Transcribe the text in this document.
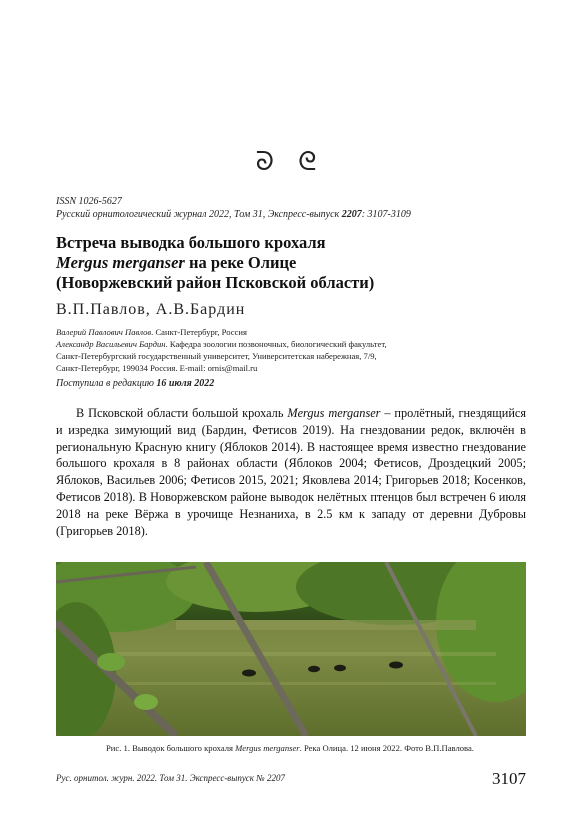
ᘐ ᘓ
ISSN 1026-5627
Русский орнитологический журнал 2022, Том 31, Экспресс-выпуск 2207: 3107-3109
Встреча выводка большого крохаля
Mergus merganser на реке Олице
(Новоржевский район Псковской области)
В.П.Павлов, А.В.Бардин
Валерий Павлович Павлов. Санкт-Петербург, Россия
Александр Васильевич Бардин. Кафедра зоологии позвоночных, биологический факультет,
Санкт-Петербургский государственный университет, Университетская набережная, 7/9,
Санкт-Петербург, 199034 Россия. E-mail: ornis@mail.ru
Поступила в редакцию 16 июля 2022

В Псковской области большой крохаль Mergus merganser – пролётный, гнездящийся и изредка зимующий вид (Бардин, Фетисов 2019). На гнездовании редок, включён в региональную Красную книгу (Яблоков 2014). В настоящее время известно гнездование большого крохаля в 8 районах области (Яблоков 2004; Фетисов, Дроздецкий 2005; Яблоков, Васильев 2006; Фетисов 2015, 2021; Яковлева 2014; Григорьев 2018; Косенков, Фетисов 2018). В Новоржевском районе выводок нелётных птенцов был встречен 6 июля 2018 на реке Вёржа в урочище Незнаниха, в 2.5 км к западу от деревни Дубровы (Григорьев 2018).

Рис. 1. Выводок большого крохаля Mergus merganser. Река Олица. 12 июня 2022. Фото В.П.Павлова.
Рус. орнитол. журн. 2022. Том 31. Экспресс-выпуск № 2207	3107
